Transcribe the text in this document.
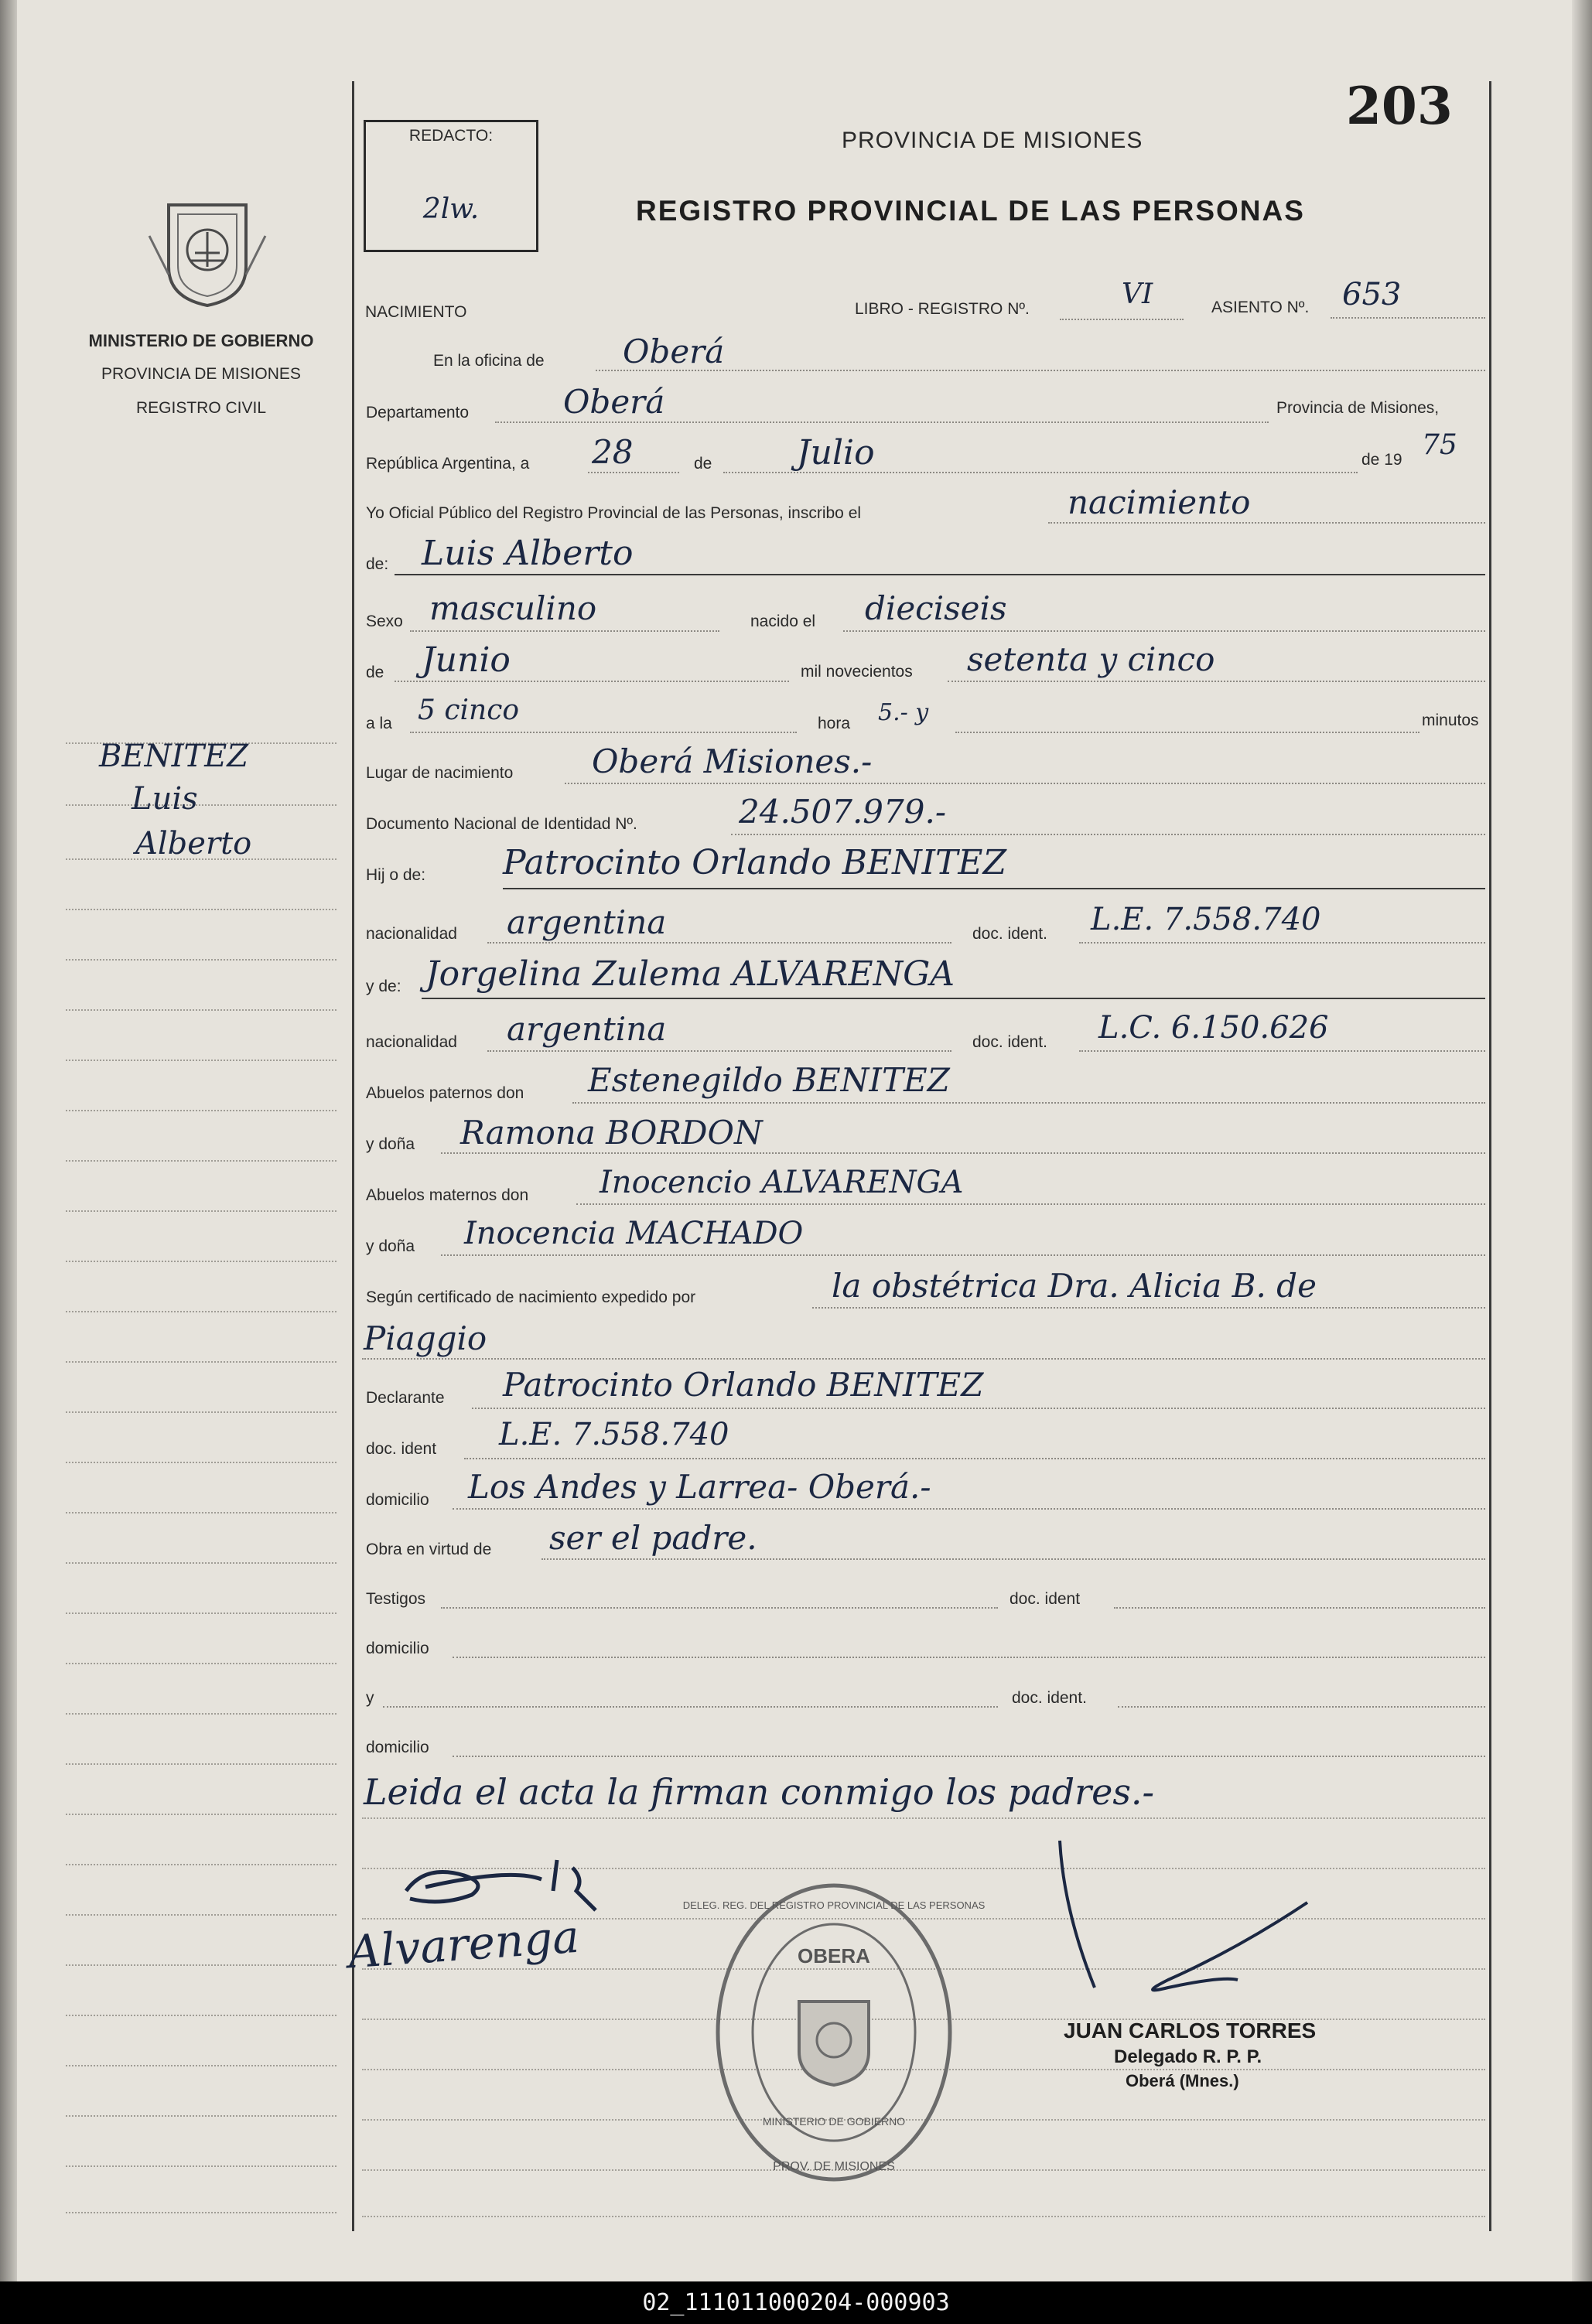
203
REDACTO:
2lw.
PROVINCIA DE MISIONES
REGISTRO PROVINCIAL DE LAS PERSONAS
MINISTERIO DE GOBIERNO
PROVINCIA DE MISIONES
REGISTRO CIVIL
NACIMIENTO	LIBRO - REGISTRO Nº.	VI	ASIENTO Nº. 653
En la oficina de Oberá
Departamento	Oberá	Provincia de Misiones,
República Argentina, a 28	de Julio	de 19 75
Yo Oficial Público del Registro Provincial de las Personas, inscribo el	nacimiento
de: Luis Alberto
Sexo masculino	nacido el dieciseis
de Junio	mil novecientos setenta y cinco
a la 5 cinco	hora 5.- y	minutos
Lugar de nacimiento Oberá Misiones.-
Documento Nacional de Identidad Nº.	24.507.979.-
Hij o de: Patrocinto Orlando BENITEZ
nacionalidad argentina	doc. ident. L.E. 7.558.740
y de: Jorgelina Zulema ALVARENGA
nacionalidad argentina	doc. ident. L.C. 6.150.626
Abuelos paternos don Estenegildo BENITEZ
y doña Ramona BORDON
Abuelos maternos don Inocencio ALVARENGA
y doña Inocencia MACHADO
Según certificado de nacimiento expedido por	la obstétrica Dra. Alicia B. de
Piaggio
Declarante Patrocinto Orlando BENITEZ
doc. ident L.E. 7.558.740
domicilio Los Andes y Larrea- Oberá.-
Obra en virtud de ser el padre.
Testigos	doc. ident
domicilio
y	doc. ident.
domicilio
Leida el acta la firman conmigo los padres.-
BENITEZ
Luis
Alberto
Alvarenga	OBERA
MINISTERIO DE GOBIERNO
PROV. DE MISIONES
DELEG. REG. DEL REGISTRO PROVINCIAL DE LAS PERSONAS
JUAN CARLOS TORRES
Delegado R. P. P.
Oberá (Mnes.)
02_111011000204-000903
